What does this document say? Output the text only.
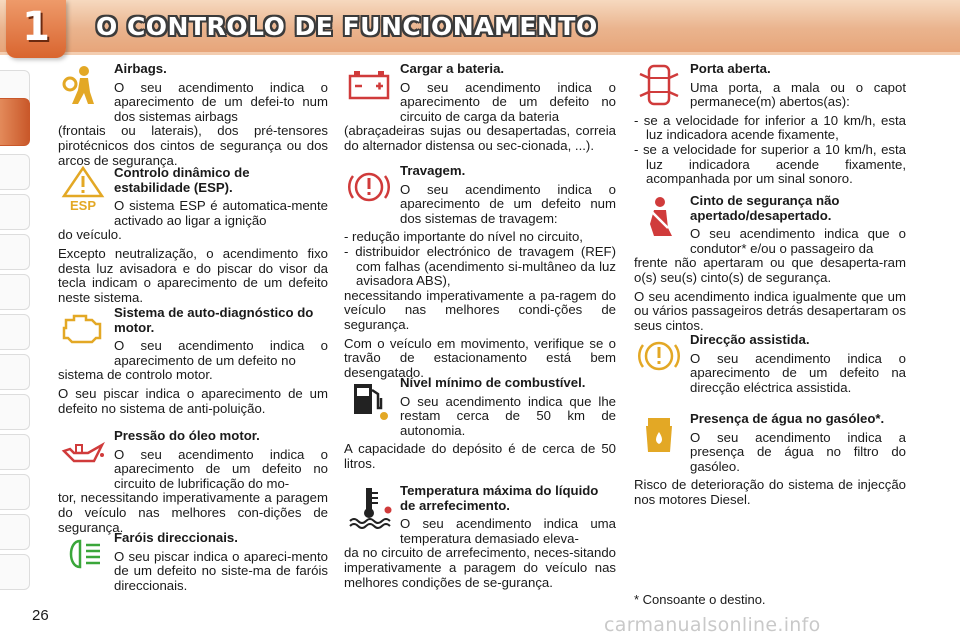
1	O CONTROLO DE FUNCIONAMENTO
Airbags.
O seu acendimento indica o aparecimento de um defei-to num dos sistemas airbags
(frontais ou laterais), dos pré-tensores pirotécnicos dos cintos de segurança ou dos arcos de segurança.
ESP
Controlo dinâmico de estabilidade (ESP).
O sistema ESP é automatica-mente activado ao ligar a ignição
do veículo.
Excepto neutralização, o acendimento fixo desta luz avisadora e do piscar do visor da tecla indicam o aparecimento de um defeito neste sistema.
Sistema de auto-diagnóstico do motor.
O seu acendimento indica o aparecimento de um defeito no
sistema de controlo motor.
O seu piscar indica o aparecimento de um defeito no sistema de anti-poluição.
Pressão do óleo motor.
O seu acendimento indica o aparecimento de um defeito no circuito de lubrificação do mo-
tor, necessitando imperativamente a paragem do veículo nas melhores con-dições de segurança.
Faróis direccionais.
O seu piscar indica o apareci-mento de um defeito no siste-ma de faróis direccionais.
Cargar a bateria.
O seu acendimento indica o aparecimento de um defeito no circuito de carga da bateria
(abraçadeiras sujas ou desapertadas, correia do alternador distensa ou sec-cionada, ...).
Travagem.
O seu acendimento indica o aparecimento de um defeito num dos sistemas de travagem:
- redução importante do nível no circuito,
- distribuidor electrónico de travagem (REF) com falhas (acendimento si-multâneo da luz avisadora ABS),
necessitando imperativamente a pa-ragem do veículo nas melhores condi-ções de segurança.
Com o veículo em movimento, verifique se o travão de estacionamento está bem desengatado.
Nível mínimo de combustível.
O seu acendimento indica que lhe restam cerca de 50 km de autonomia.
A capacidade do depósito é de cerca de 50 litros.
Temperatura máxima do líquido de arrefecimento.
O seu acendimento indica uma temperatura demasiado eleva-
da no circuito de arrefecimento, neces-sitando imperativamente a paragem do veículo nas melhores condições de se-gurança.
Porta aberta.
Uma porta, a mala ou o capot permanece(m) abertos(as):
- se a velocidade for inferior a 10 km/h, esta luz indicadora acende fixamente,
- se a velocidade for superior a 10 km/h, esta luz indicadora acende fixamente, acompanhada por um sinal sonoro.
Cinto de segurança não apertado/desapertado.
O seu acendimento indica que o condutor* e/ou o passageiro da
frente não apertaram ou que desaperta-ram o(s) seu(s) cinto(s) de segurança.
O seu acendimento indica igualmente que um ou vários passageiros detrás desapertaram os seus cintos.
Direcção assistida.
O seu acendimento indica o aparecimento de um defeito na direcção eléctrica assistida.
Presença de água no gasóleo*.
O seu acendimento indica a presença de água no filtro do gasóleo.
Risco de deterioração do sistema de injecção nos motores Diesel.
* Consoante o destino.
26	carmanualsonline.info
